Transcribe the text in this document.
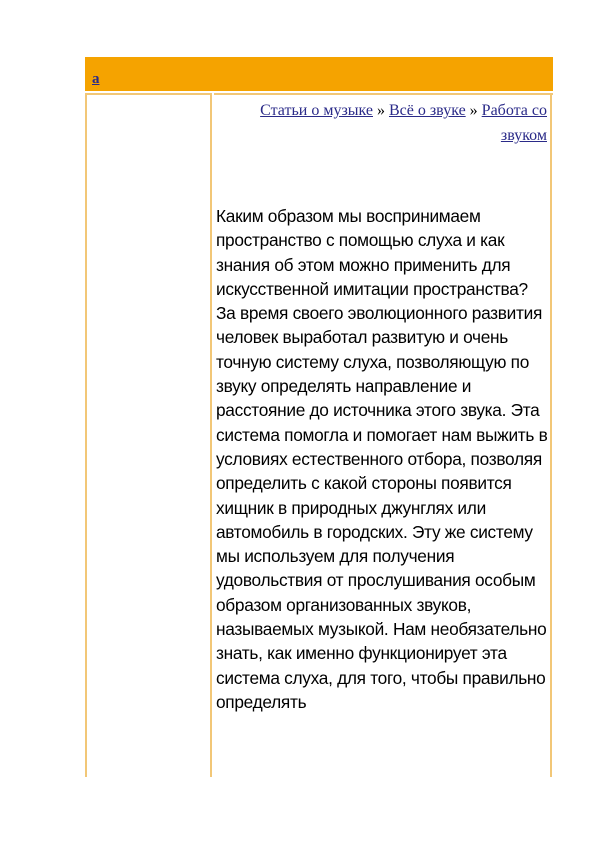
a
Статьи о музыке » Всё о звуке » Работа со звуком

Каким образом мы воспринимаем пространство с помощью слуха и как знания об этом можно применить для искусственной имитации пространства?

За время своего эволюционного развития человек выработал развитую и очень точную систему слуха, позволяющую по звуку определять направление и расстояние до источника этого звука. Эта система помогла и помогает нам выжить в условиях естественного отбора, позволяя определить с какой стороны появится хищник в природных джунглях или автомобиль в городских. Эту же систему мы используем для получения удовольствия от прослушивания особым образом организованных звуков, называемых музыкой. Нам необязательно знать, как именно функционирует эта система слуха, для того, чтобы правильно определять
